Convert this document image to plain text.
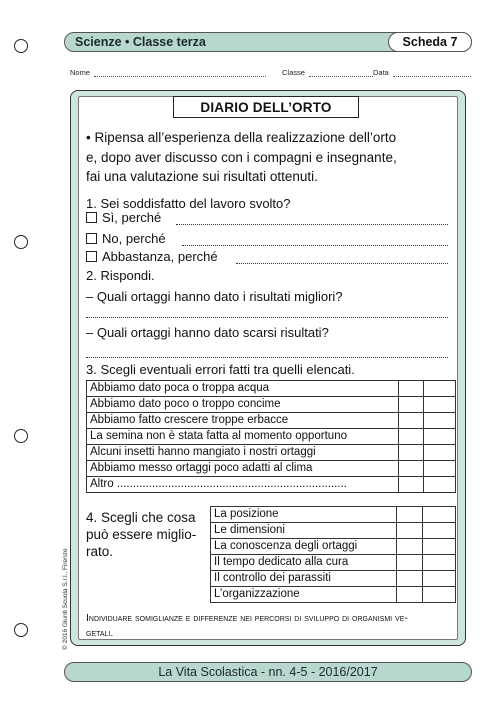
Scienze • Classe terza	Scheda 7
Nome	Classe	Data
DIARIO DELL’ORTO
• Ripensa all’esperienza della realizzazione dell’orto
e, dopo aver discusso con i compagni e insegnante,
fai una valutazione sui risultati ottenuti.
1. Sei soddisfatto del lavoro svolto?
Sì, perché
No, perché
Abbastanza, perché
2. Rispondi.
– Quali ortaggi hanno dato i risultati migliori?
– Quali ortaggi hanno dato scarsi risultati?
3. Scegli eventuali errori fatti tra quelli elencati.
Abbiamo dato poca o troppa acqua		
Abbiamo dato poco o troppo concime		
Abbiamo fatto crescere troppe erbacce		
La semina non è stata fatta al momento opportuno		
Alcuni insetti hanno mangiato i nostri ortaggi		
Abbiamo messo ortaggi poco adatti al clima		
Altro ........................................................................		
4. Scegli che cosa
può essere miglio-
rato.
La posizione		
Le dimensioni		
La conoscenza degli ortaggi		
Il tempo dedicato alla cura		
Il controllo dei parassiti		
L’organizzazione		
Individuare somiglianze e differenze nei percorsi di sviluppo di organismi ve-
getali.
© 2016 Giunti Scuola S.r.l., Firenze
La Vita Scolastica - nn. 4-5 - 2016/2017
